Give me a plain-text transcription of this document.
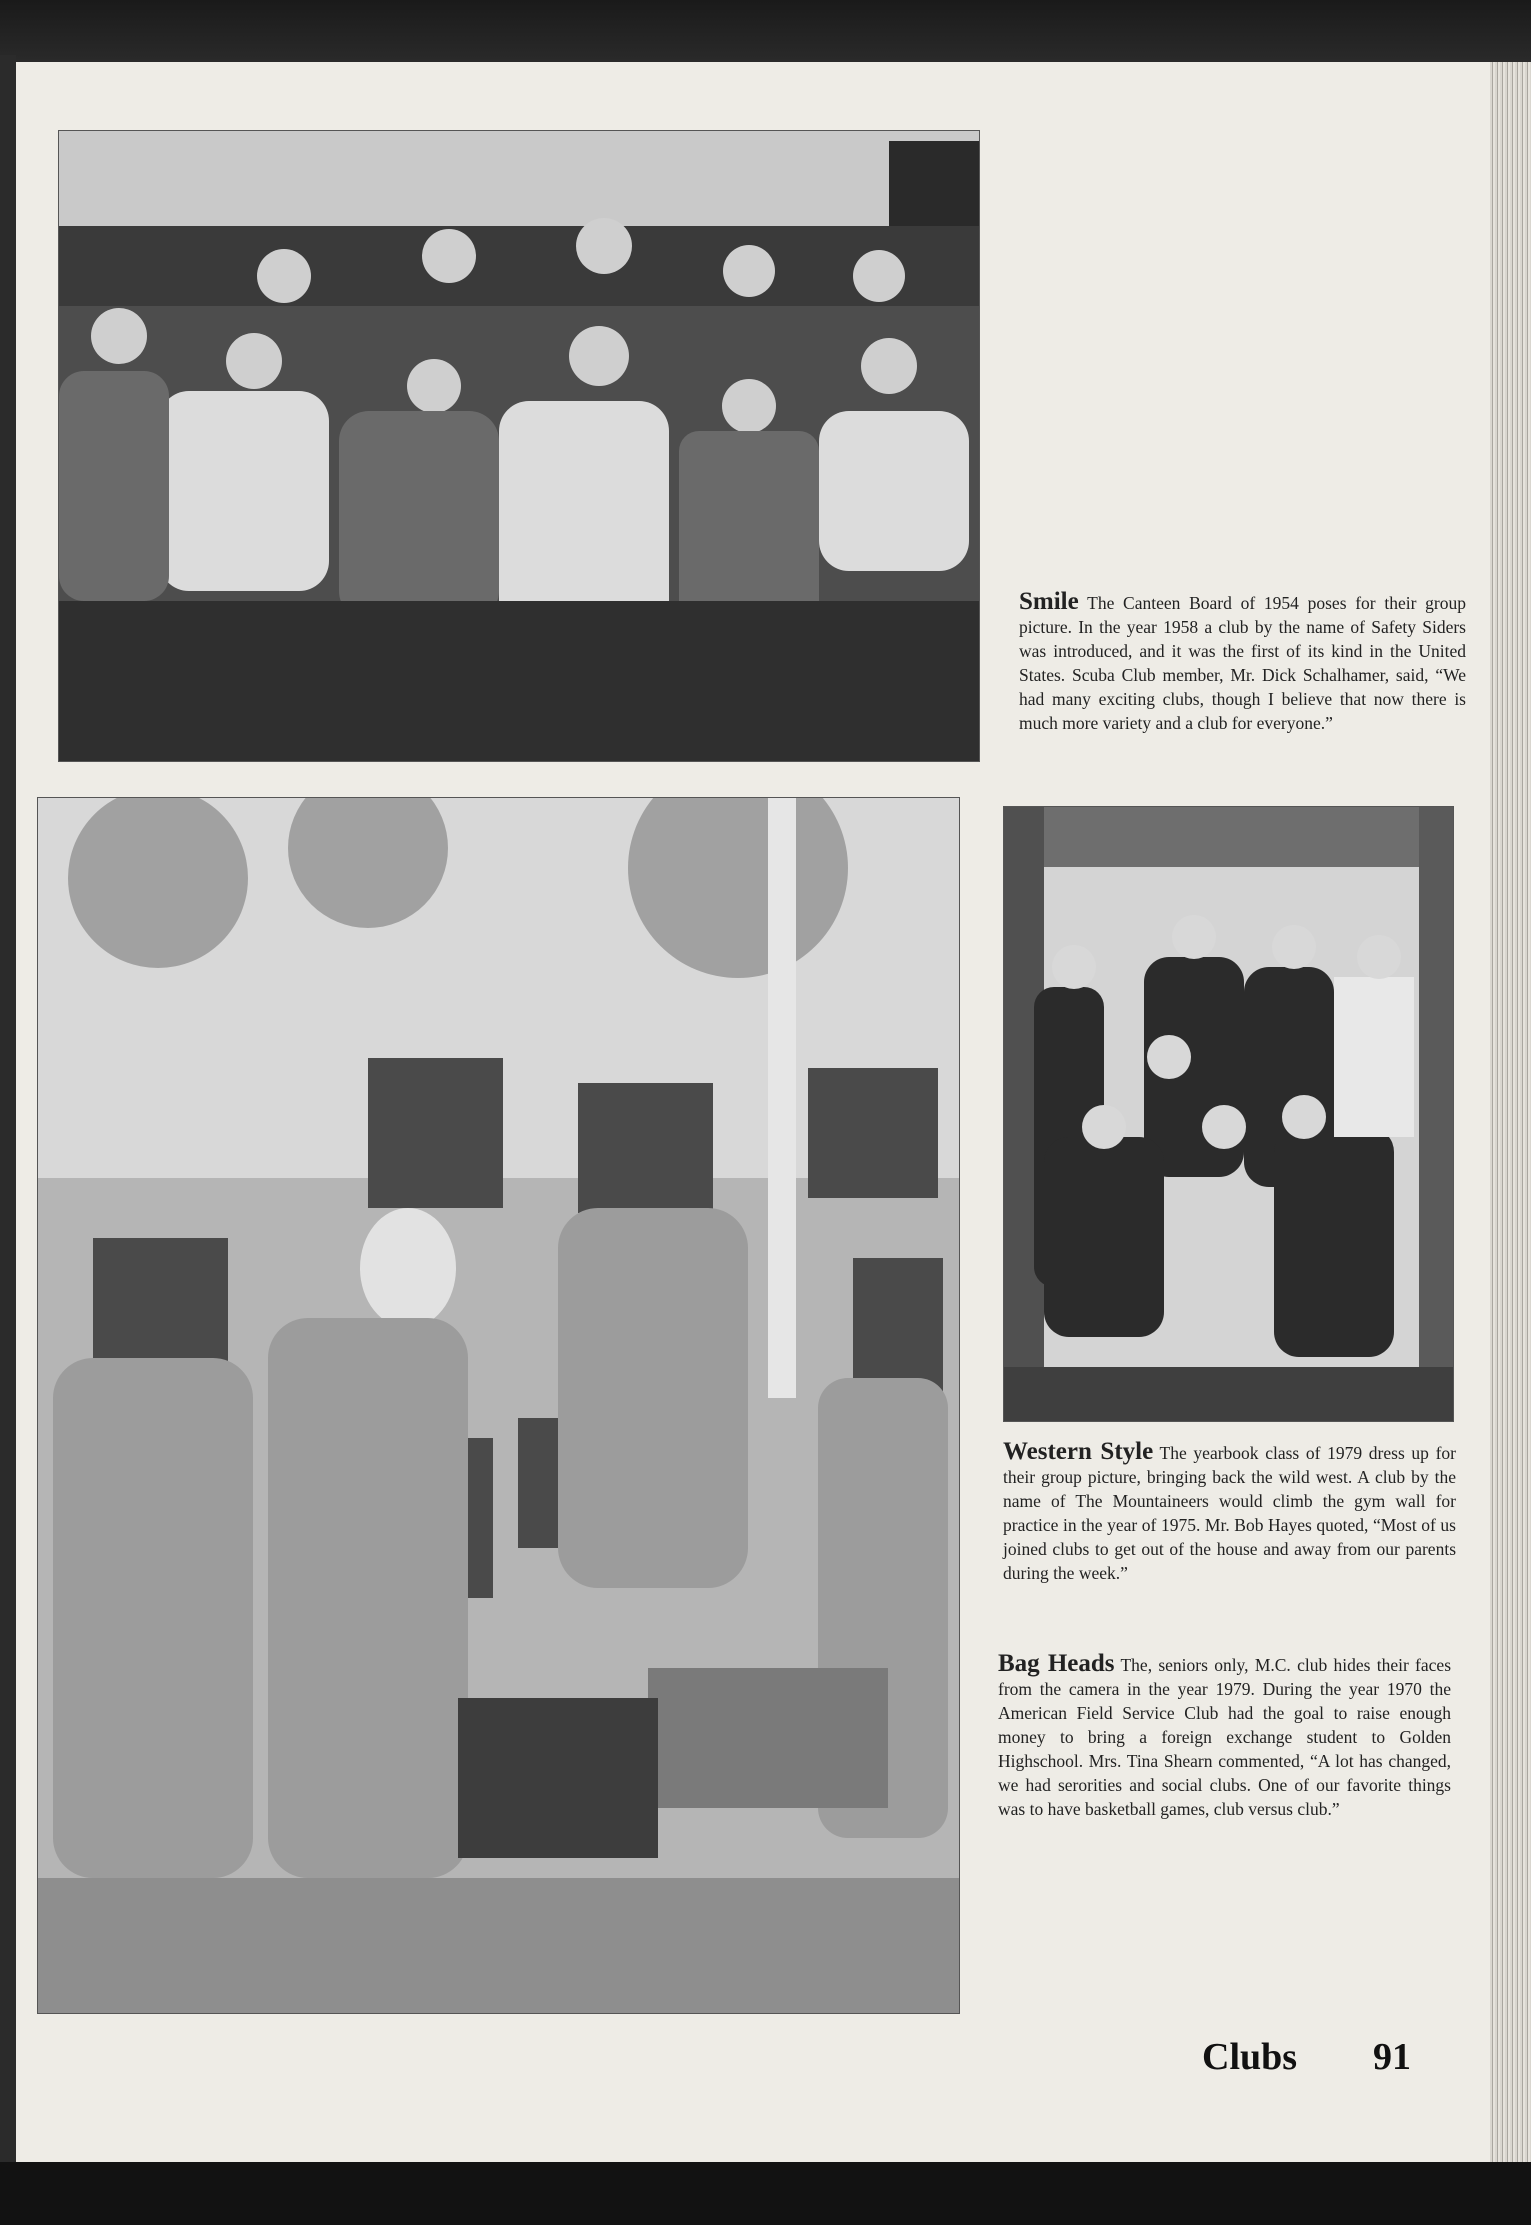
Smile The Canteen Board of 1954 poses for their group picture. In the year 1958 a club by the name of Safety Siders was introduced, and it was the first of its kind in the United States. Scuba Club member, Mr. Dick Schalhamer, said, “We had many exciting clubs, though I believe that now there is much more variety and a club for everyone.”
Western Style The yearbook class of 1979 dress up for their group picture, bringing back the wild west. A club by the name of The Mountaineers would climb the gym wall for practice in the year of 1975. Mr. Bob Hayes quoted, “Most of us joined clubs to get out of the house and away from our parents during the week.”
Bag Heads The, seniors only, M.C. club hides their faces from the camera in the year 1979. During the year 1970 the American Field Service Club had the goal to raise enough money to bring a foreign exchange student to Golden Highschool. Mrs. Tina Shearn commented, “A lot has changed, we had serorities and social clubs. One of our favorite things was to have basketball games, club versus club.”
Clubs 91
